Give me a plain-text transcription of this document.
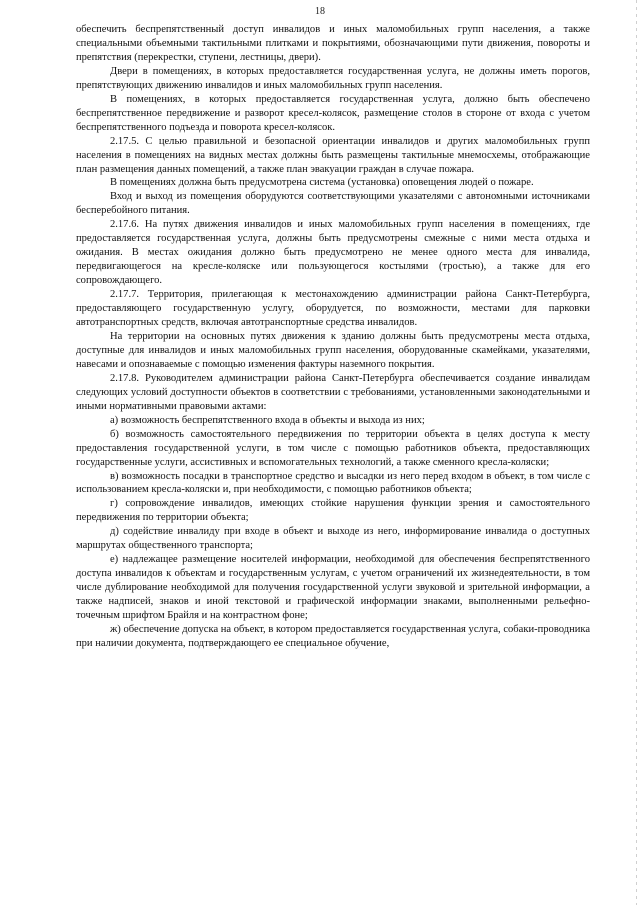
18

обеспечить беспрепятственный доступ инвалидов и иных маломобильных групп населения, а также специальными объемными тактильными плитками и покрытиями, обозначающими пути движения, повороты и препятствия (перекрестки, ступени, лестницы, двери).

Двери в помещениях, в которых предоставляется государственная услуга, не должны иметь порогов, препятствующих движению инвалидов и иных маломобильных групп населения.

В помещениях, в которых предоставляется государственная услуга, должно быть обеспечено беспрепятственное передвижение и разворот кресел-колясок, размещение столов в стороне от входа с учетом беспрепятственного подъезда и поворота кресел-колясок.

2.17.5. С целью правильной и безопасной ориентации инвалидов и других маломобильных групп населения в помещениях на видных местах должны быть размещены тактильные мнемосхемы, отображающие план размещения данных помещений, а также план эвакуации граждан в случае пожара.

В помещениях должна быть предусмотрена система (установка) оповещения людей о пожаре.

Вход и выход из помещения оборудуются соответствующими указателями с автономными источниками бесперебойного питания.

2.17.6. На путях движения инвалидов и иных маломобильных групп населения в помещениях, где предоставляется государственная услуга, должны быть предусмотрены смежные с ними места отдыха и ожидания. В местах ожидания должно быть предусмотрено не менее одного места для инвалида, передвигающегося на кресле-коляске или пользующегося костылями (тростью), а также для его сопровождающего.

2.17.7. Территория, прилегающая к местонахождению администрации района Санкт-Петербурга, предоставляющего государственную услугу, оборудуется, по возможности, местами для парковки автотранспортных средств, включая автотранспортные средства инвалидов.

На территории на основных путях движения к зданию должны быть предусмотрены места отдыха, доступные для инвалидов и иных маломобильных групп населения, оборудованные скамейками, указателями, навесами и опознаваемые с помощью изменения фактуры наземного покрытия.

2.17.8. Руководителем администрации района Санкт-Петербурга обеспечивается создание инвалидам следующих условий доступности объектов в соответствии с требованиями, установленными законодательными и иными нормативными правовыми актами:

а) возможность беспрепятственного входа в объекты и выхода из них;

б) возможность самостоятельного передвижения по территории объекта в целях доступа к месту предоставления государственной услуги, в том числе с помощью работников объекта, предоставляющих государственные услуги, ассистивных и вспомогательных технологий, а также сменного кресла-коляски;

в) возможность посадки в транспортное средство и высадки из него перед входом в объект, в том числе с использованием кресла-коляски и, при необходимости, с помощью работников объекта;

г) сопровождение инвалидов, имеющих стойкие нарушения функции зрения и самостоятельного передвижения по территории объекта;

д) содействие инвалиду при входе в объект и выходе из него, информирование инвалида о доступных маршрутах общественного транспорта;

е) надлежащее размещение носителей информации, необходимой для обеспечения беспрепятственного доступа инвалидов к объектам и государственным услугам, с учетом ограничений их жизнедеятельности, в том числе дублирование необходимой для получения государственной услуги звуковой и зрительной информации, а также надписей, знаков и иной текстовой и графической информации знаками, выполненными рельефно-точечным шрифтом Брайля и на контрастном фоне;

ж) обеспечение допуска на объект, в котором предоставляется государственная услуга, собаки-проводника при наличии документа, подтверждающего ее специальное обучение,
